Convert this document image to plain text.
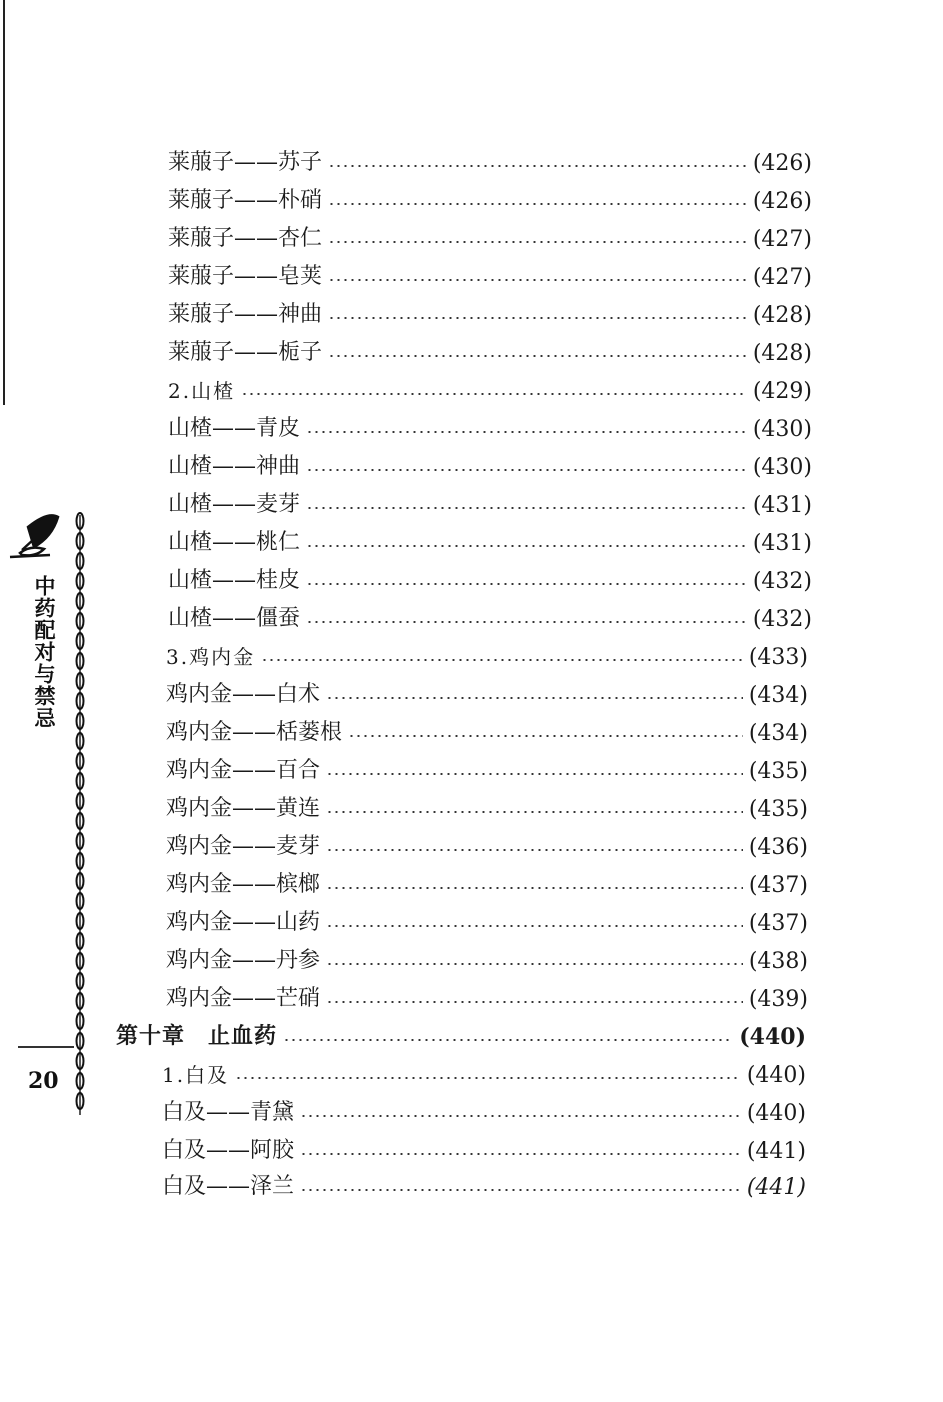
中药配对与禁忌
20
莱菔子——苏子	(426)
莱菔子——朴硝	(426)
莱菔子——杏仁	(427)
莱菔子——皂荚	(427)
莱菔子——神曲	(428)
莱菔子——栀子	(428)
2.山楂	(429)
山楂——青皮	(430)
山楂——神曲	(430)
山楂——麦芽	(431)
山楂——桃仁	(431)
山楂——桂皮	(432)
山楂——僵蚕	(432)
3.鸡内金	(433)
鸡内金——白术	(434)
鸡内金——栝蒌根	(434)
鸡内金——百合	(435)
鸡内金——黄连	(435)
鸡内金——麦芽	(436)
鸡内金——槟榔	(437)
鸡内金——山药	(437)
鸡内金——丹参	(438)
鸡内金——芒硝	(439)
第十章　止血药	(440)
1.白及	(440)
白及——青黛	(440)
白及——阿胶	(441)
白及——泽兰	(441)
